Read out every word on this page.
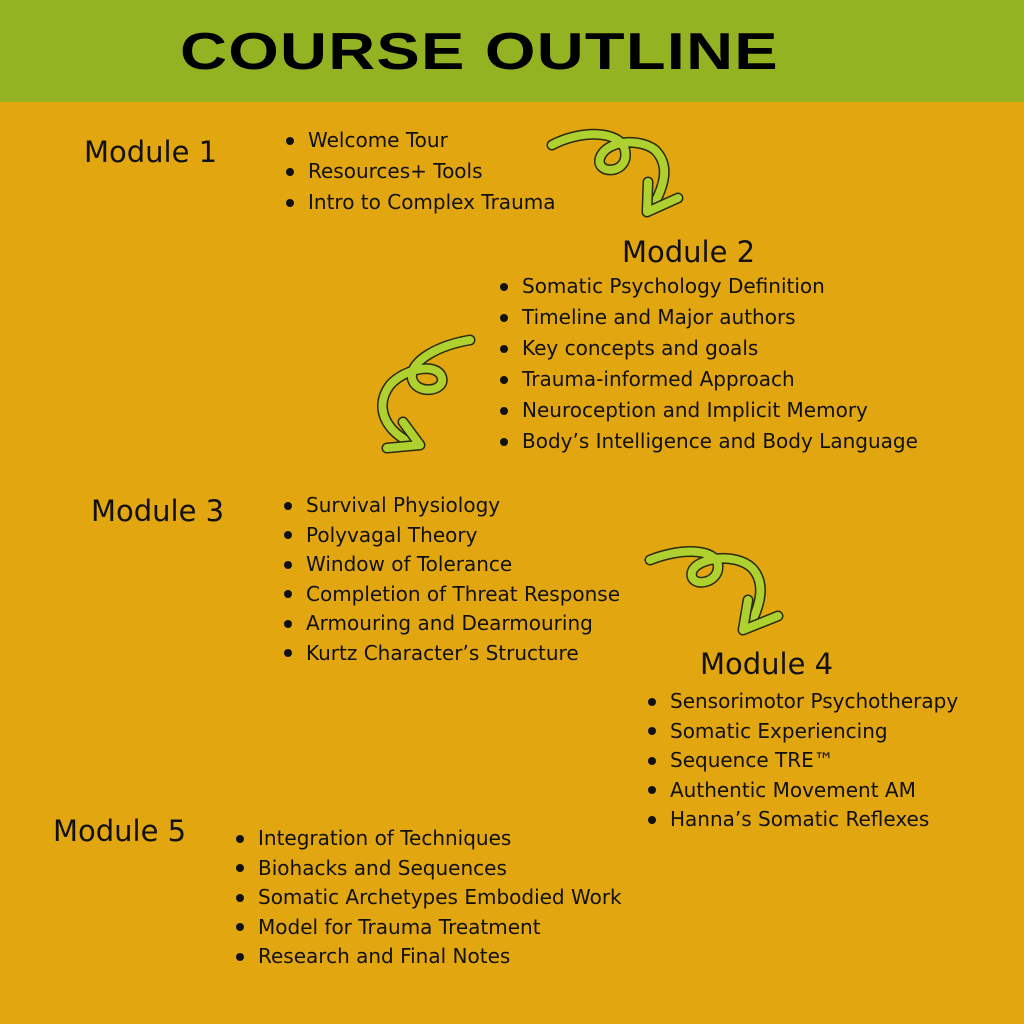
COURSE OUTLINE
Module 1	Welcome Tour
Resources+ Tools
Intro to Complex Trauma
Module 2
Somatic Psychology Definition
Timeline and Major authors
Key concepts and goals
Trauma-informed Approach
Neuroception and Implicit Memory
Body’s Intelligence and Body Language
Module 3	Survival Physiology
Polyvagal Theory
Window of Tolerance
Completion of Threat Response
Armouring and Dearmouring
Kurtz Character’s Structure	Module 4
Sensorimotor Psychotherapy
Somatic Experiencing
Sequence TRE™
Authentic Movement AM
Hanna’s Somatic Reflexes
Module 5	Integration of Techniques
Biohacks and Sequences
Somatic Archetypes Embodied Work
Model for Trauma Treatment
Research and Final Notes
